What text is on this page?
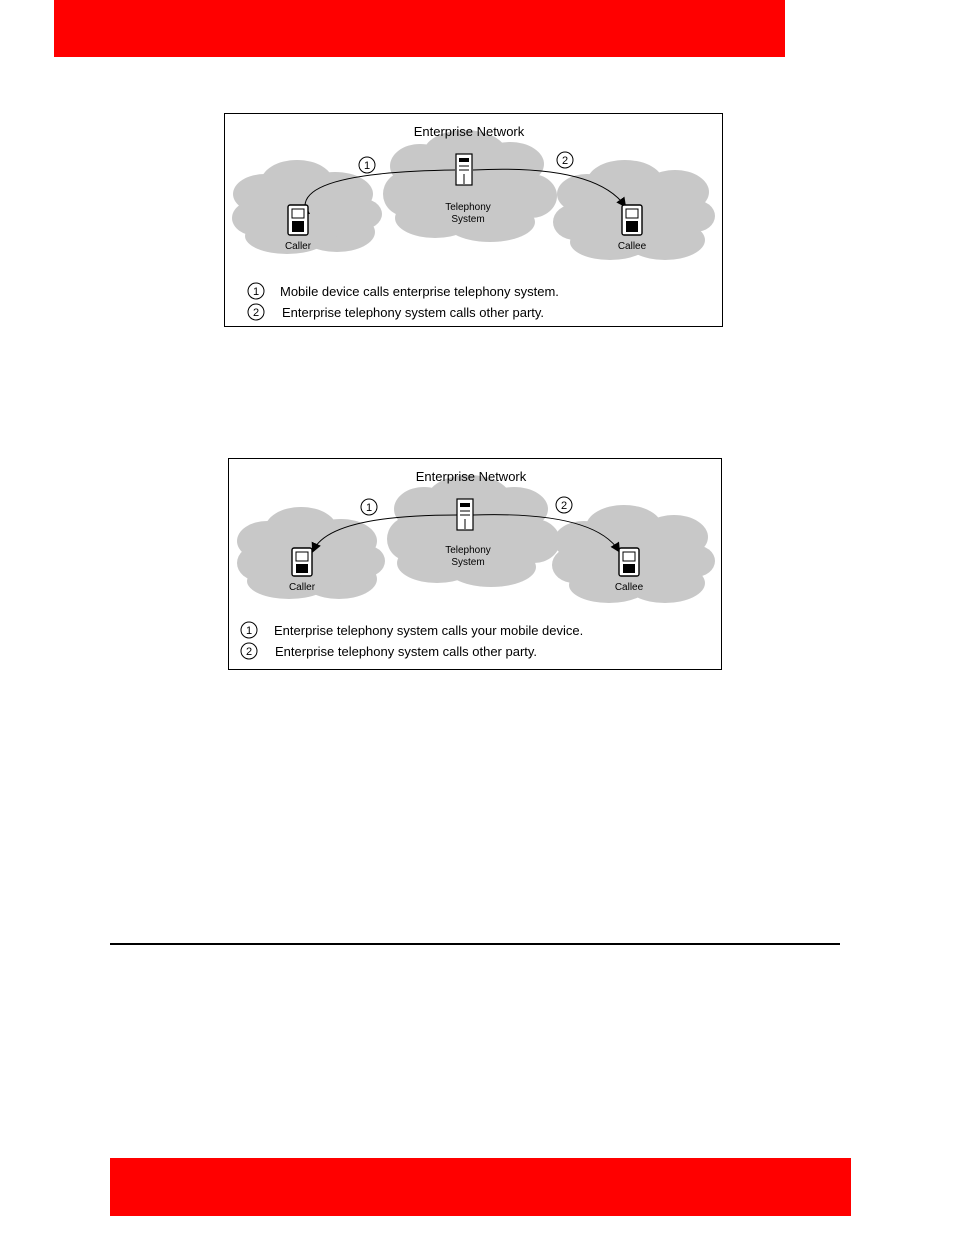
Enterprise Network
1	2
Telephony
System
Caller	Callee
1 Mobile device calls enterprise telephony system.
2 Enterprise telephony system calls other party.
Enterprise Network
1	2
Telephony
System
Caller	Callee
1 Enterprise telephony system calls your mobile device.
2 Enterprise telephony system calls other party.
